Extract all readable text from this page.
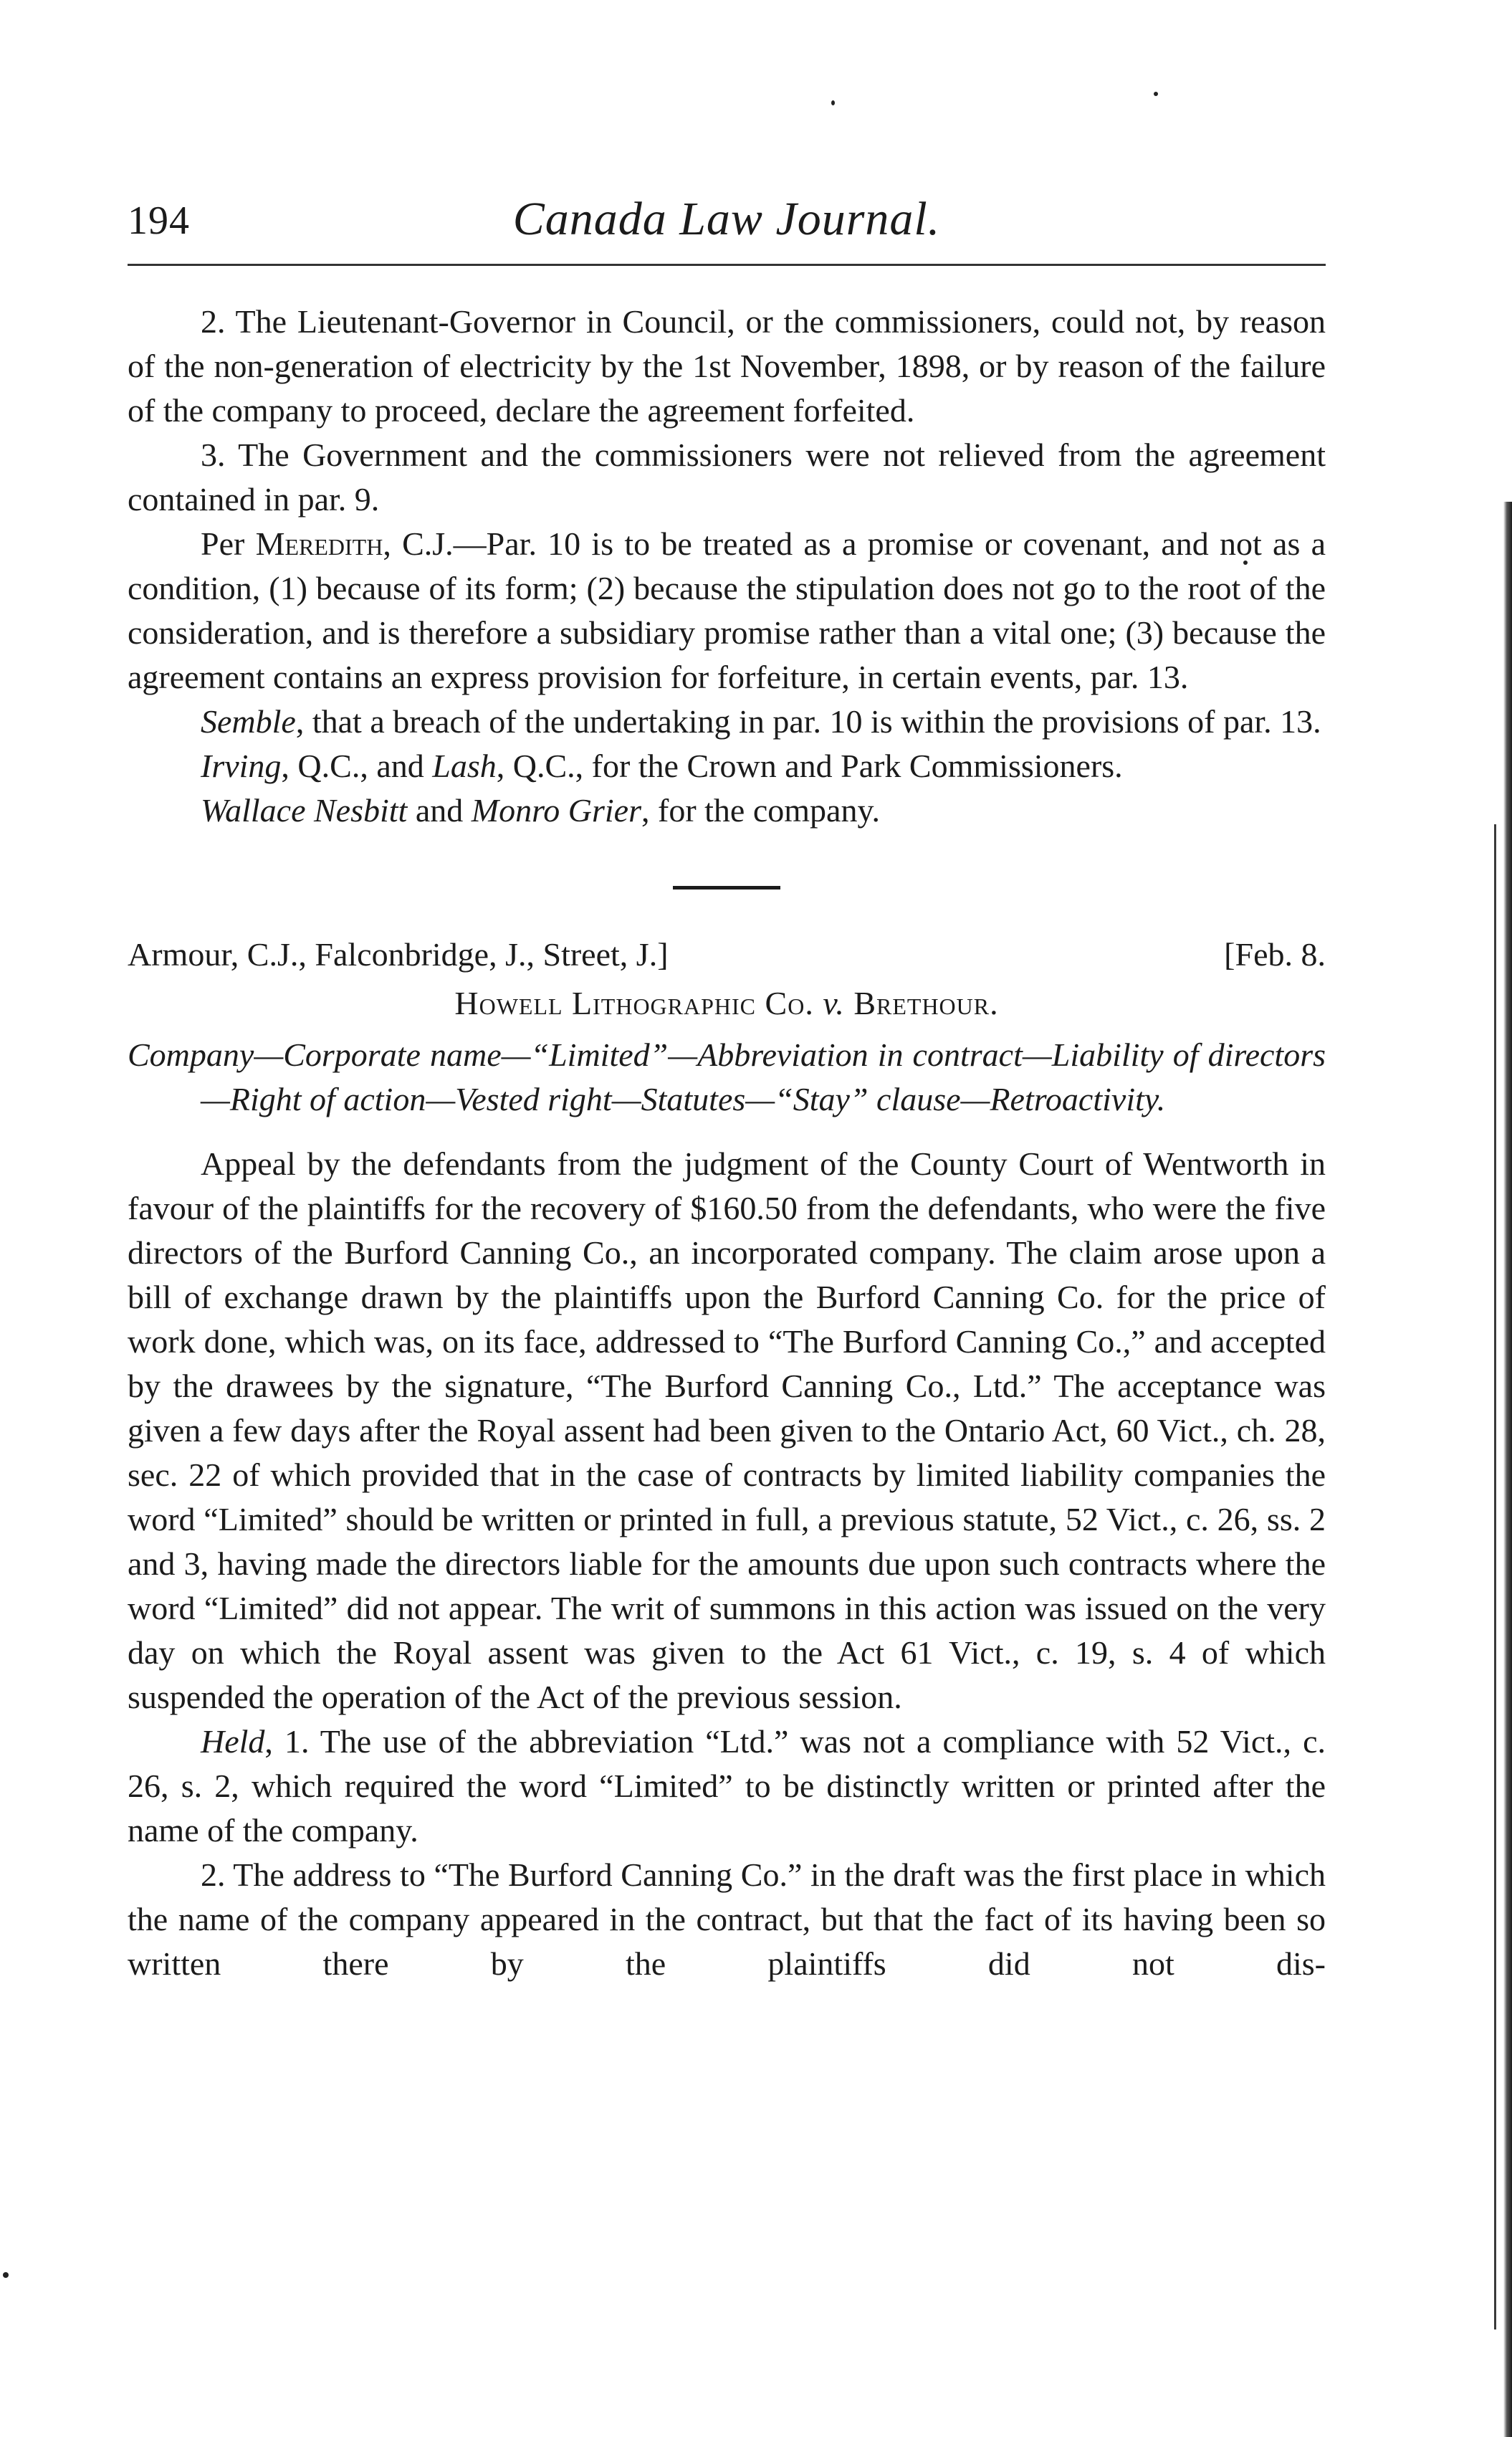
194	Canada Law Journal.

2. The Lieutenant-Governor in Council, or the commissioners, could not, by reason of the non-generation of electricity by the 1st November, 1898, or by reason of the failure of the company to proceed, declare the agreement forfeited.

3. The Government and the commissioners were not relieved from the agreement contained in par. 9.

Per Meredith, C.J.—Par. 10 is to be treated as a promise or covenant, and not as a condition, (1) because of its form; (2) because the stipulation does not go to the root of the consideration, and is therefore a subsidiary promise rather than a vital one; (3) because the agreement contains an express provision for forfeiture, in certain events, par. 13.

Semble, that a breach of the undertaking in par. 10 is within the provisions of par. 13.

Irving, Q.C., and Lash, Q.C., for the Crown and Park Commissioners.

Wallace Nesbitt and Monro Grier, for the company.

Armour, C.J., Falconbridge, J., Street, J.]	[Feb. 8.
Howell Lithographic Co. v. Brethour.

Company—Corporate name—“Limited”—Abbreviation in contract—Liability of directors—Right of action—Vested right—Statutes—“Stay” clause—Retroactivity.

Appeal by the defendants from the judgment of the County Court of Wentworth in favour of the plaintiffs for the recovery of $160.50 from the defendants, who were the five directors of the Burford Canning Co., an incorporated company. The claim arose upon a bill of exchange drawn by the plaintiffs upon the Burford Canning Co. for the price of work done, which was, on its face, addressed to “The Burford Canning Co.,” and accepted by the drawees by the signature, “The Burford Canning Co., Ltd.” The acceptance was given a few days after the Royal assent had been given to the Ontario Act, 60 Vict., ch. 28, sec. 22 of which provided that in the case of contracts by limited liability companies the word “Limited” should be written or printed in full, a previous statute, 52 Vict., c. 26, ss. 2 and 3, having made the directors liable for the amounts due upon such contracts where the word “Limited” did not appear. The writ of summons in this action was issued on the very day on which the Royal assent was given to the Act 61 Vict., c. 19, s. 4 of which suspended the operation of the Act of the previous session.

Held, 1. The use of the abbreviation “Ltd.” was not a compliance with 52 Vict., c. 26, s. 2, which required the word “Limited” to be distinctly written or printed after the name of the company.

2. The address to “The Burford Canning Co.” in the draft was the first place in which the name of the company appeared in the contract, but that the fact of its having been so written there by the plaintiffs did not dis-
